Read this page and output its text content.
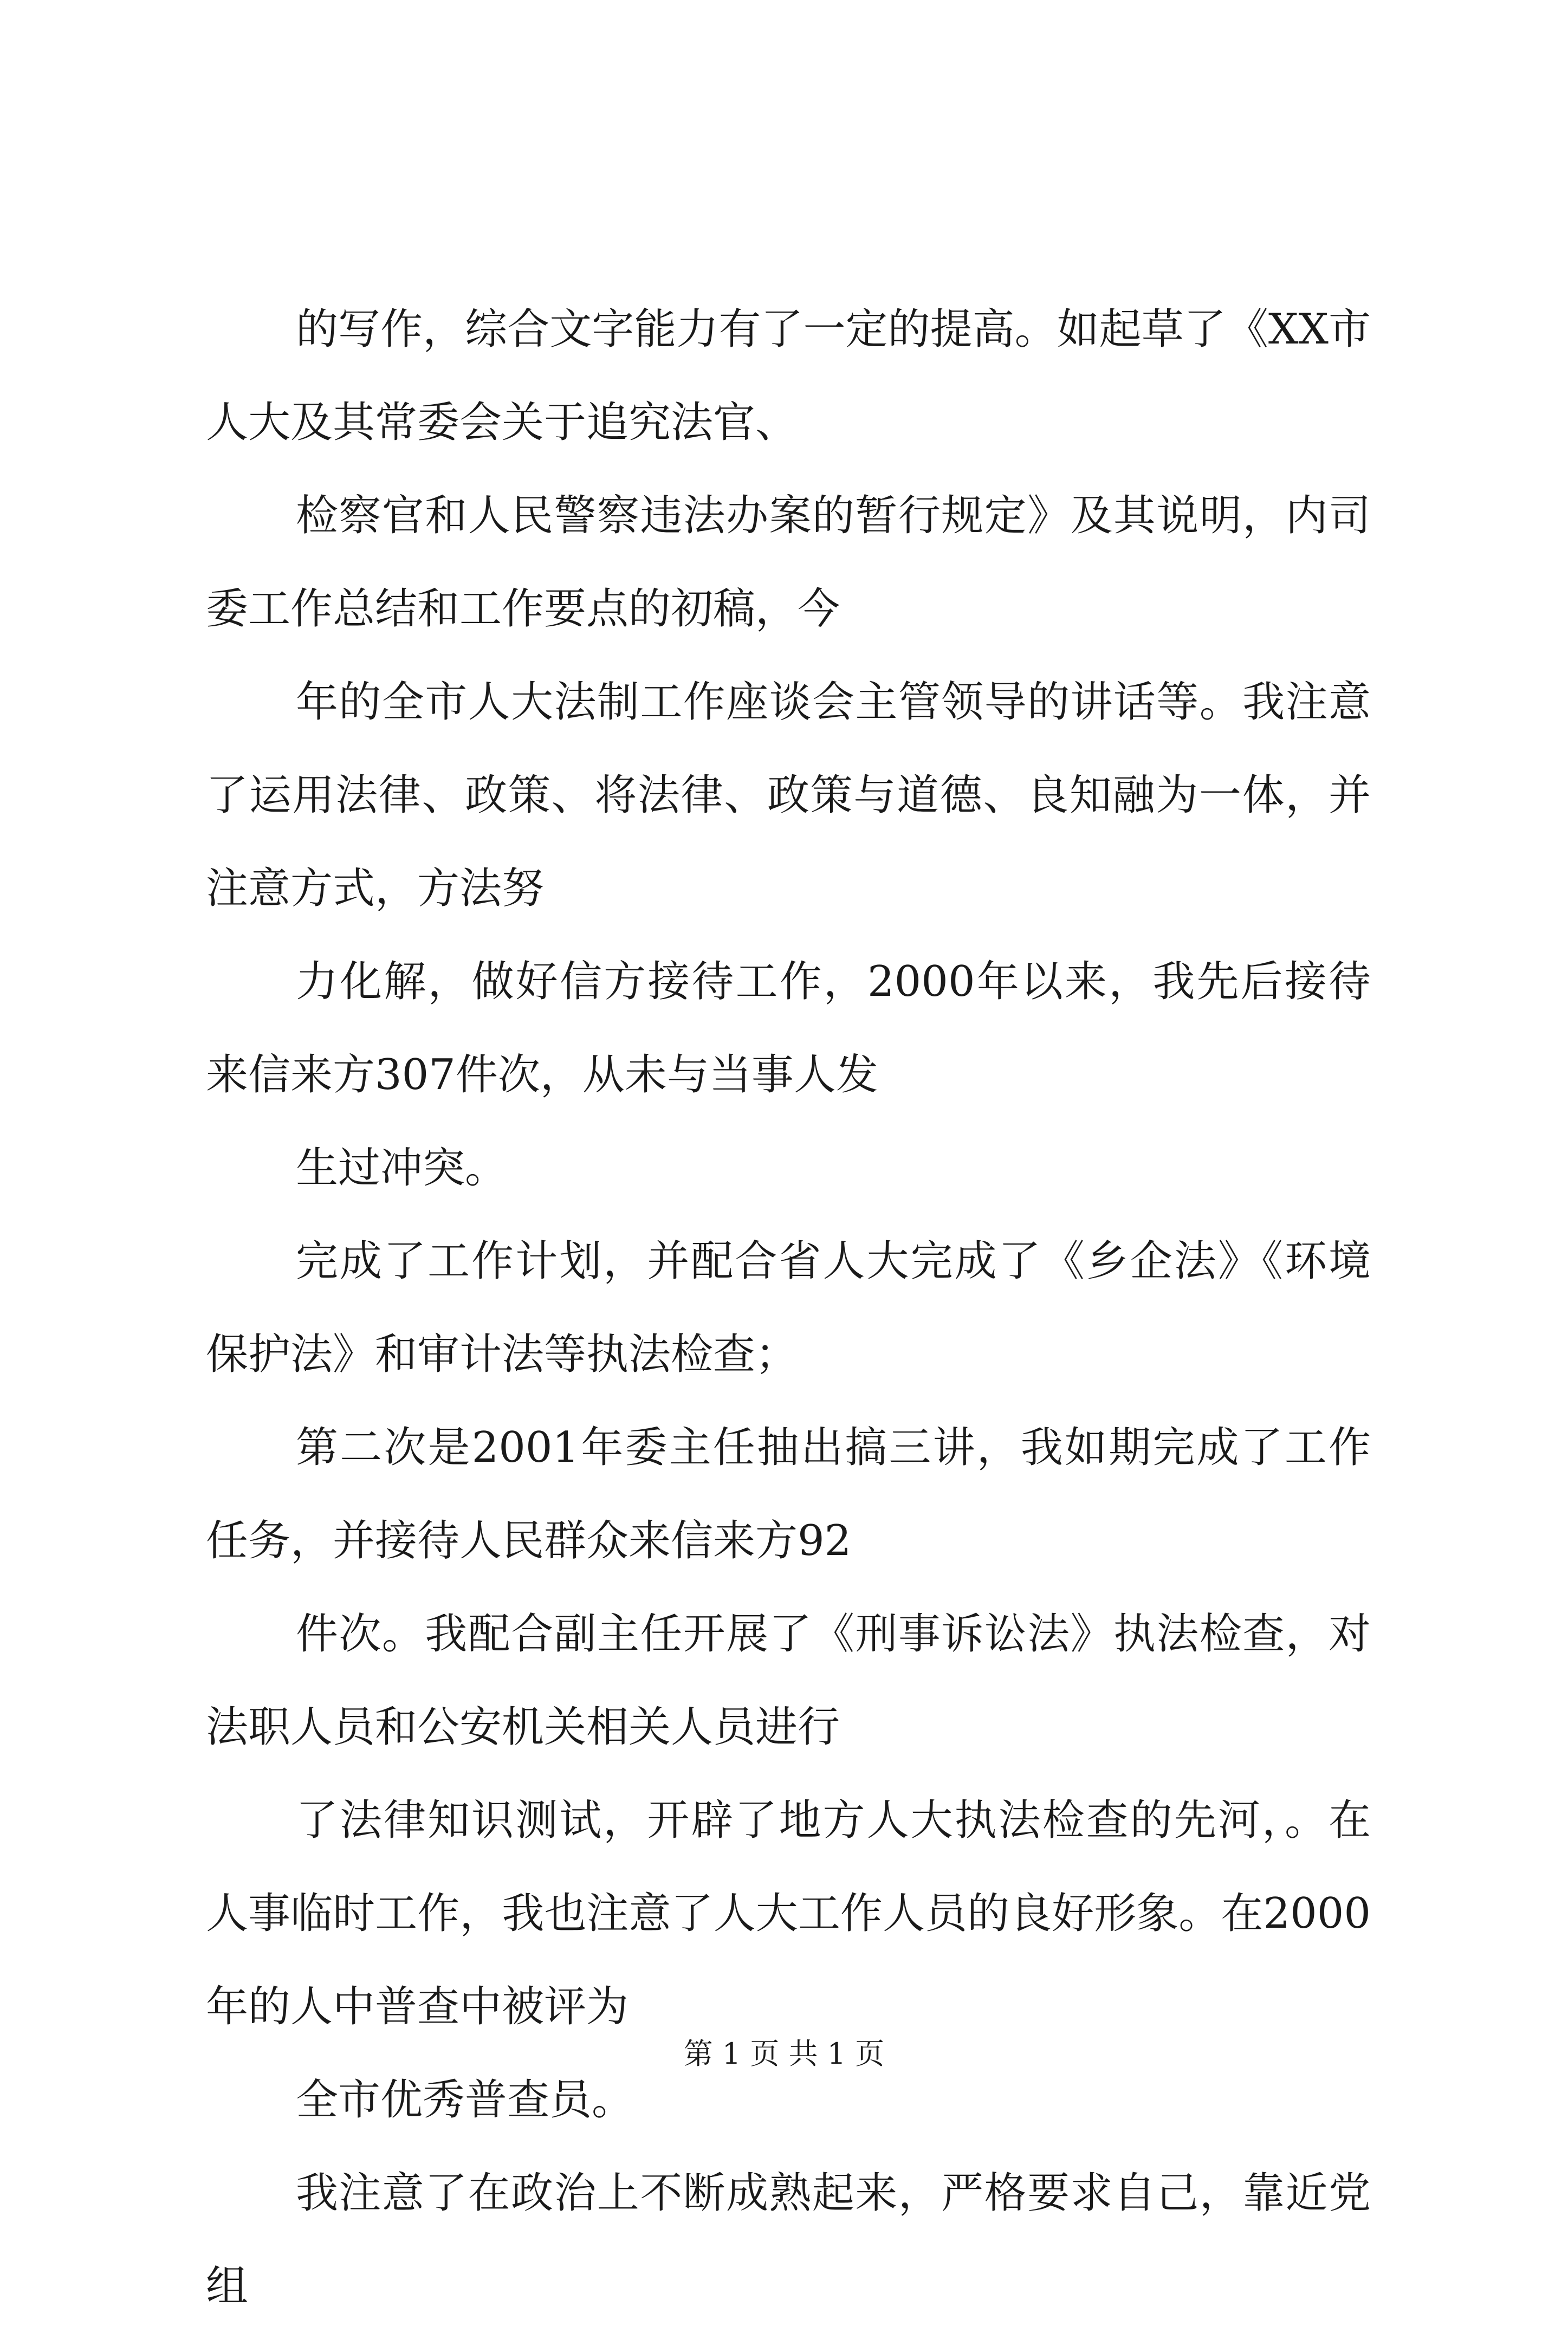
的写作，综合文字能力有了一定的提高。如起草了《XX市人大及其常委会关于追究法官、

检察官和人民警察违法办案的暂行规定》及其说明，内司委工作总结和工作要点的初稿，今

年的全市人大法制工作座谈会主管领导的讲话等。我注意了运用法律、政策、将法律、政策与道德、良知融为一体，并注意方式，方法努

力化解，做好信方接待工作，2000年以来，我先后接待来信来方307件次，从未与当事人发

生过冲突。

完成了工作计划，并配合省人大完成了《乡企法》《环境保护法》和审计法等执法检查；

第二次是2001年委主任抽出搞三讲，我如期完成了工作任务，并接待人民群众来信来方92

件次。我配合副主任开展了《刑事诉讼法》执法检查，对法职人员和公安机关相关人员进行

了法律知识测试，开辟了地方人大执法检查的先河，。在人事临时工作，我也注意了人大工作人员的良好形象。在2000年的人中普查中被评为

全市优秀普查员。

我注意了在政治上不断成熟起来，严格要求自己，靠近党组

第 1 页 共 1 页
